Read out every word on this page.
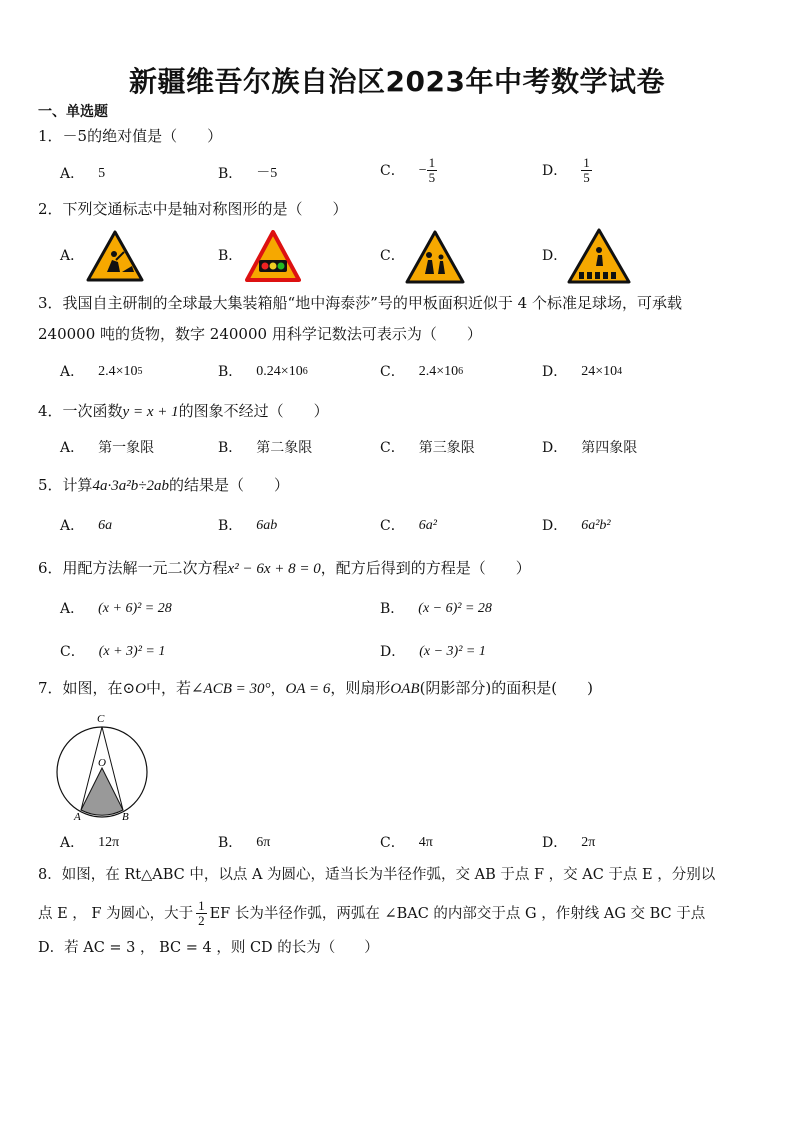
新疆维吾尔族自治区2023年中考数学试卷
一、单选题
1．－5的绝对值是（　　）
A． 5	B． －5	C． − $\frac{1}{5}$	D． $\frac{1}{5}$
2．下列交通标志中是轴对称图形的是（　　）
A．	B．	C．	D．
3．我国自主研制的全球最大集装箱船“地中海泰莎”号的甲板面积近似于 4 个标准足球场，可承载
240000 吨的货物，数字 240000 用科学记数法可表示为（　　）
A． 2.4×10 5	B． 0.24×10 6	C． 2.4×10 6	D． 24×10 4
4．一次函数y = x + 1的图象不经过（　　）
A． 第一象限	B． 第二象限	C． 第三象限	D． 第四象限
5．计算4a·3a²b÷2ab的结果是（　　）
A． 6a	B． 6ab	C． 6a²	D． 6a²b²
6．用配方法解一元二次方程x² − 6x + 8 = 0，配方后得到的方程是（　　）
A． (x + 6)² = 28	B． (x − 6)² = 28
C． (x + 3)² = 1	D． (x − 3)² = 1
7．如图，在⊙O中，若∠ACB = 30°，OA = 6，则扇形OAB(阴影部分)的面积是(　　)
C
O
A	B
A． 12π	B． 6π	C． 4π	D． 2π
8．如图，在 Rt△ABC 中，以点 A 为圆心，适当长为半径作弧，交 AB 于点 F ，交 AC 于点 E ，分别以
点 E ， F 为圆心，大于 $\frac{1}{2}$ EF 长为半径作弧，两弧在 ∠BAC 的内部交于点 G ，作射线 AG 交 BC 于点
D．若 AC = 3 ， BC = 4 ，则 CD 的长为（　　）
